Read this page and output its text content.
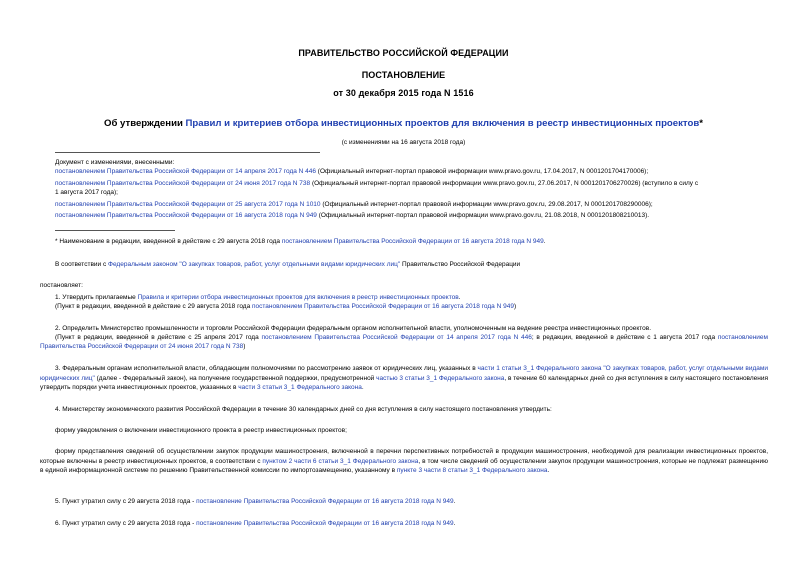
ПРАВИТЕЛЬСТВО РОССИЙСКОЙ ФЕДЕРАЦИИ
ПОСТАНОВЛЕНИЕ
от 30 декабря 2015 года N 1516
Об утверждении Правил и критериев отбора инвестиционных проектов для включения в реестр инвестиционных проектов*
(с изменениями на 16 августа 2018 года)
Документ с изменениями, внесенными:
постановлением Правительства Российской Федерации от 14 апреля 2017 года N 446 (Официальный интернет-портал правовой информации www.pravo.gov.ru, 17.04.2017, N 0001201704170006);
постановлением Правительства Российской Федерации от 24 июня 2017 года N 738 (Официальный интернет-портал правовой информации www.pravo.gov.ru, 27.06.2017, N 0001201706270026) (вступило в силу с
1 августа 2017 года);
постановлением Правительства Российской Федерации от 25 августа 2017 года N 1010 (Официальный интернет-портал правовой информации www.pravo.gov.ru, 29.08.2017, N 0001201708290006);
постановлением Правительства Российской Федерации от 16 августа 2018 года N 949 (Официальный интернет-портал правовой информации www.pravo.gov.ru, 21.08.2018, N 0001201808210013).
* Наименование в редакции, введенной в действие с 29 августа 2018 года постановлением Правительства Российской Федерации от 16 августа 2018 года N 949.
В соответствии с Федеральным законом "О закупках товаров, работ, услуг отдельными видами юридических лиц" Правительство Российской Федерации
постановляет:
1. Утвердить прилагаемые Правила и критерии отбора инвестиционных проектов для включения в реестр инвестиционных проектов.
(Пункт в редакции, введенной в действие с 29 августа 2018 года постановлением Правительства Российской Федерации от 16 августа 2018 года N 949)
2. Определить Министерство промышленности и торговли Российской Федерации федеральным органом исполнительной власти, уполномоченным на ведение реестра инвестиционных проектов.
(Пункт в редакции, введенной в действие с 25 апреля 2017 года постановлением Правительства Российской Федерации от 14 апреля 2017 года N 446; в редакции, введенной в действие с 1 августа 2017 года постановлением Правительства Российской Федерации от 24 июня 2017 года N 738)
3. Федеральным органам исполнительной власти, обладающим полномочиями по рассмотрению заявок от юридических лиц, указанных в части 1 статьи 3_1 Федерального закона "О закупках товаров, работ, услуг отдельными видами юридических лиц" (далее - Федеральный закон), на получение государственной поддержки, предусмотренной частью 3 статьи 3_1 Федерального закона, в течение 60 календарных дней со дня вступления в силу настоящего постановления утвердить порядки учета инвестиционных проектов, указанных в части 3 статьи 3_1 Федерального закона.
4. Министерству экономического развития Российской Федерации в течение 30 календарных дней со дня вступления в силу настоящего постановления утвердить:
форму уведомления о включении инвестиционного проекта в реестр инвестиционных проектов;
форму представления сведений об осуществлении закупок продукции машиностроения, включенной в перечни перспективных потребностей в продукции машиностроения, необходимой для реализации инвестиционных проектов, которые включены в реестр инвестиционных проектов, в соответствии с пунктом 2 части 6 статьи 3_1 Федерального закона, в том числе сведений об осуществлении закупок продукции машиностроения, которые не подлежат размещению в единой информационной системе по решению Правительственной комиссии по импортозамещению, указанному в пункте 3 части 8 статьи 3_1 Федерального закона.
5. Пункт утратил силу с 29 августа 2018 года - постановление Правительства Российской Федерации от 16 августа 2018 года N 949.
6. Пункт утратил силу с 29 августа 2018 года - постановление Правительства Российской Федерации от 16 августа 2018 года N 949.
